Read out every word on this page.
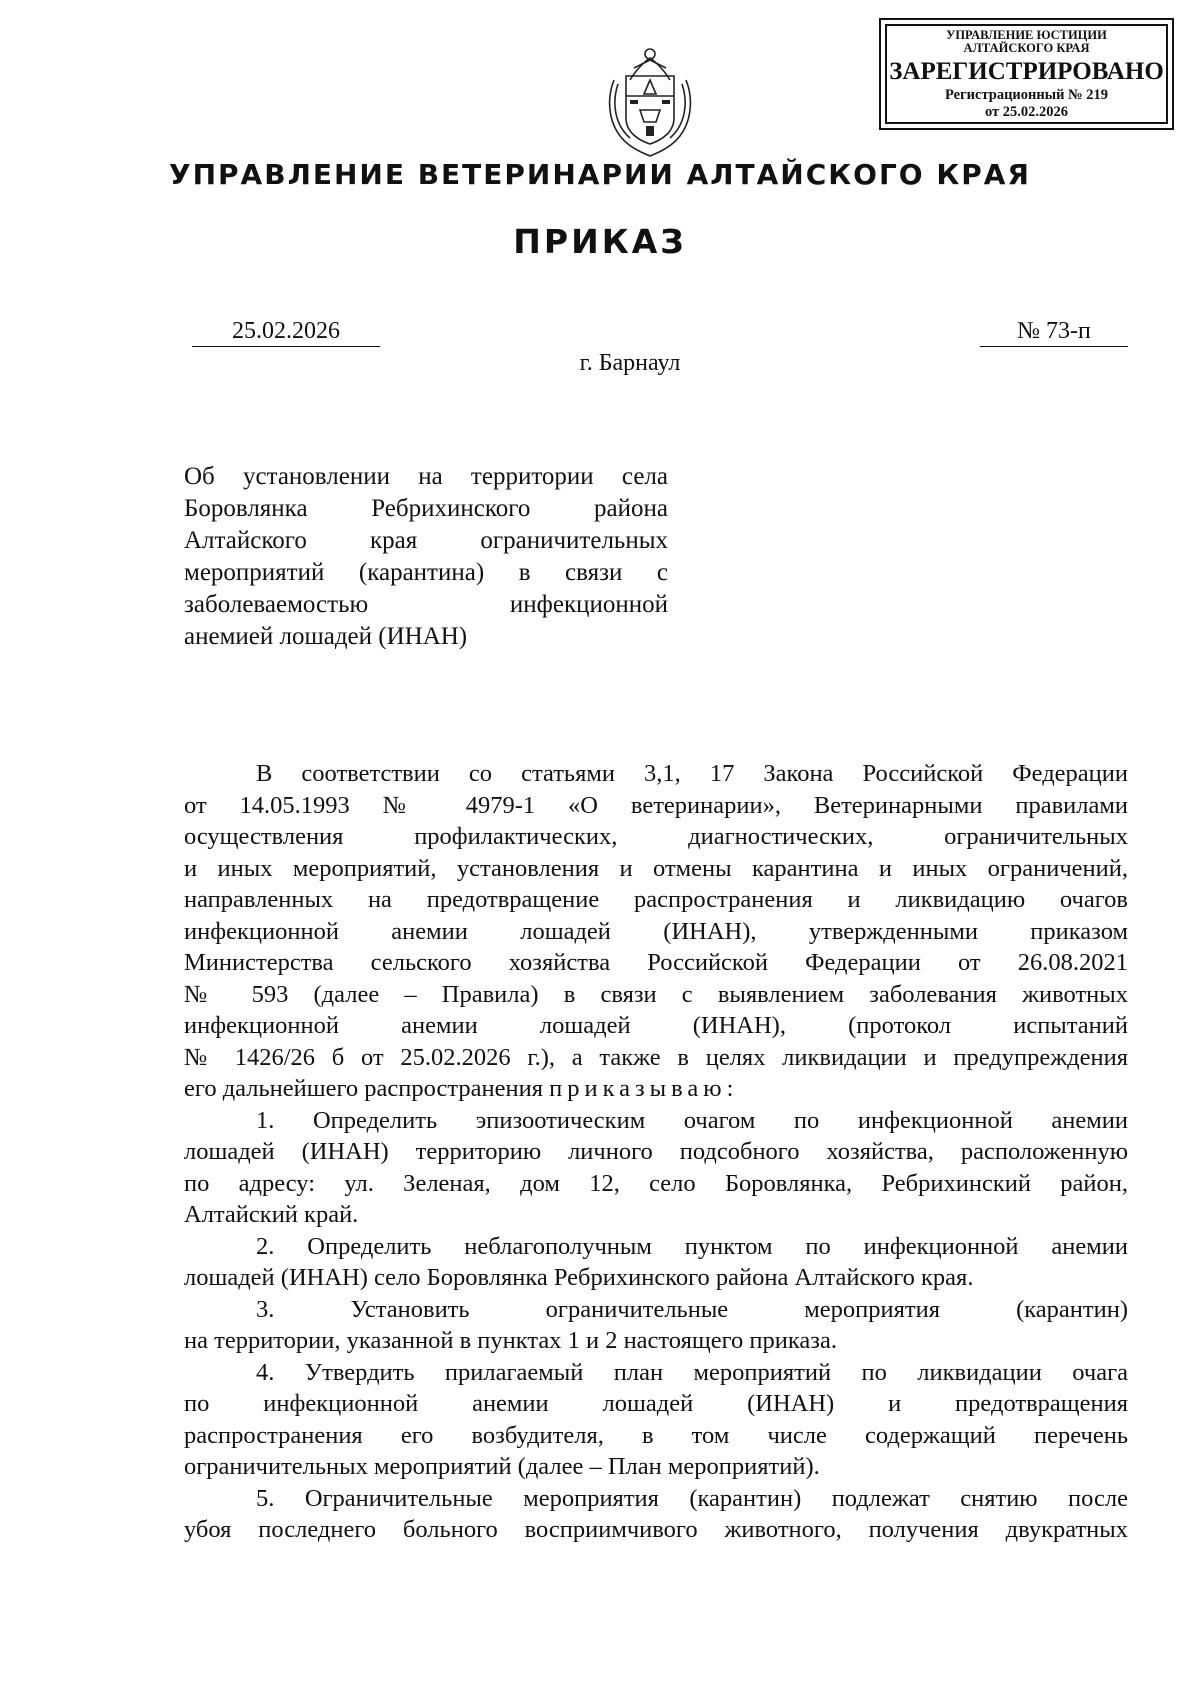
УПРАВЛЕНИЕ ЮСТИЦИИ
АЛТАЙСКОГО КРАЯ
ЗАРЕГИСТРИРОВАНО
Регистрационный № 219
от 25.02.2026
УПРАВЛЕНИЕ ВЕТЕРИНАРИИ АЛТАЙСКОГО КРАЯ
ПРИКАЗ
25.02.2026	№ 73-п
г. Барнаул
Об установлении на территории села
Боровлянка Ребрихинского района
Алтайского края ограничительных
мероприятий (карантина) в связи с
заболеваемостью инфекционной
анемией лошадей (ИНАН)
В соответствии со статьями 3,1, 17 Закона Российской Федерации
от 14.05.1993 № 4979-1 «О ветеринарии», Ветеринарными правилами
осуществления профилактических, диагностических, ограничительных
и иных мероприятий, установления и отмены карантина и иных ограничений,
направленных на предотвращение распространения и ликвидацию очагов
инфекционной анемии лошадей (ИНАН), утвержденными приказом
Министерства сельского хозяйства Российской Федерации от 26.08.2021
№ 593 (далее – Правила) в связи с выявлением заболевания животных
инфекционной анемии лошадей (ИНАН), (протокол испытаний
№ 1426/26 б от 25.02.2026 г.), а также в целях ликвидации и предупреждения
его дальнейшего распространения приказываю:
1. Определить эпизоотическим очагом по инфекционной анемии
лошадей (ИНАН) территорию личного подсобного хозяйства, расположенную
по адресу: ул. Зеленая, дом 12, село Боровлянка, Ребрихинский район,
Алтайский край.
2. Определить неблагополучным пунктом по инфекционной анемии
лошадей (ИНАН) село Боровлянка Ребрихинского района Алтайского края.
3. Установить ограничительные мероприятия (карантин)
на территории, указанной в пунктах 1 и 2 настоящего приказа.
4. Утвердить прилагаемый план мероприятий по ликвидации очага
по инфекционной анемии лошадей (ИНАН) и предотвращения
распространения его возбудителя, в том числе содержащий перечень
ограничительных мероприятий (далее – План мероприятий).
5. Ограничительные мероприятия (карантин) подлежат снятию после
убоя последнего больного восприимчивого животного, получения двукратных
